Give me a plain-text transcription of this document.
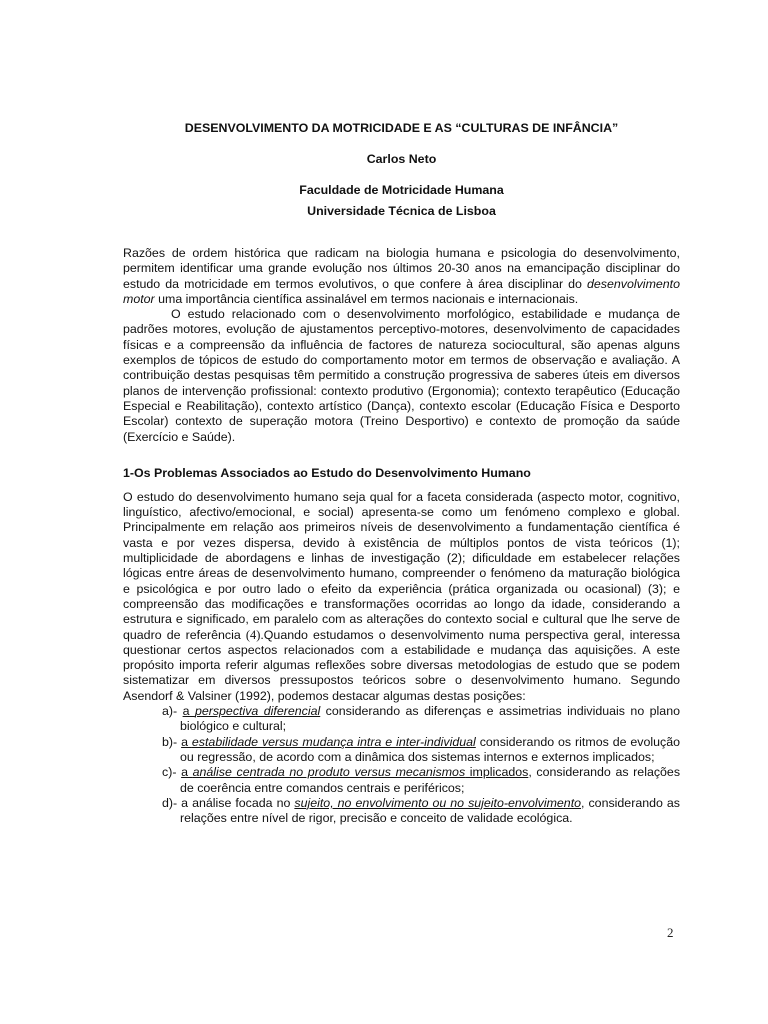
DESENVOLVIMENTO DA MOTRICIDADE E AS “CULTURAS DE INFÂNCIA”

Carlos Neto

Faculdade de Motricidade Humana

Universidade Técnica de Lisboa

Razões de ordem histórica que radicam na biologia humana e psicologia do desenvolvimento, permitem identificar uma grande evolução nos últimos 20-30 anos na emancipação disciplinar do estudo da motricidade em termos evolutivos, o que confere à área disciplinar do desenvolvimento motor uma importância científica assinalável em termos nacionais e internacionais.

O estudo relacionado com o desenvolvimento morfológico, estabilidade e mudança de padrões motores, evolução de ajustamentos perceptivo-motores, desenvolvimento de capacidades físicas e a compreensão da influência de factores de natureza sociocultural, são apenas alguns exemplos de tópicos de estudo do comportamento motor em termos de observação e avaliação. A contribuição destas pesquisas têm permitido a construção progressiva de saberes úteis em diversos planos de intervenção profissional: contexto produtivo (Ergonomia); contexto terapêutico (Educação Especial e Reabilitação), contexto artístico (Dança), contexto escolar (Educação Física e Desporto Escolar) contexto de superação motora (Treino Desportivo) e contexto de promoção da saúde (Exercício e Saúde).

1-Os Problemas Associados ao Estudo do Desenvolvimento Humano

O estudo do desenvolvimento humano seja qual for a faceta considerada (aspecto motor, cognitivo, linguístico, afectivo/emocional, e social) apresenta-se como um fenómeno complexo e global. Principalmente em relação aos primeiros níveis de desenvolvimento a fundamentação científica é vasta e por vezes dispersa, devido à existência de múltiplos pontos de vista teóricos (1); multiplicidade de abordagens e linhas de investigação (2); dificuldade em estabelecer relações lógicas entre áreas de desenvolvimento humano, compreender o fenómeno da maturação biológica e psicológica e por outro lado o efeito da experiência (prática organizada ou ocasional) (3); e compreensão das modificações e transformações ocorridas ao longo da idade, considerando a estrutura e significado, em paralelo com as alterações do contexto social e cultural que lhe serve de quadro de referência (4).Quando estudamos o desenvolvimento numa perspectiva geral, interessa questionar certos aspectos relacionados com a estabilidade e mudança das aquisições. A este propósito importa referir algumas reflexões sobre diversas metodologias de estudo que se podem sistematizar em diversos pressupostos teóricos sobre o desenvolvimento humano. Segundo Asendorf & Valsiner (1992), podemos destacar algumas destas posições:

a)- a perspectiva diferencial considerando as diferenças e assimetrias individuais no plano biológico e cultural;
b)- a estabilidade versus mudança intra e inter-individual considerando os ritmos de evolução ou regressão, de acordo com a dinâmica dos sistemas internos e externos implicados;
c)- a análise centrada no produto versus mecanismos implicados, considerando as relações de coerência entre comandos centrais e periféricos;
d)- a análise focada no sujeito, no envolvimento ou no sujeito-envolvimento, considerando as relações entre nível de rigor, precisão e conceito de validade ecológica.
2
